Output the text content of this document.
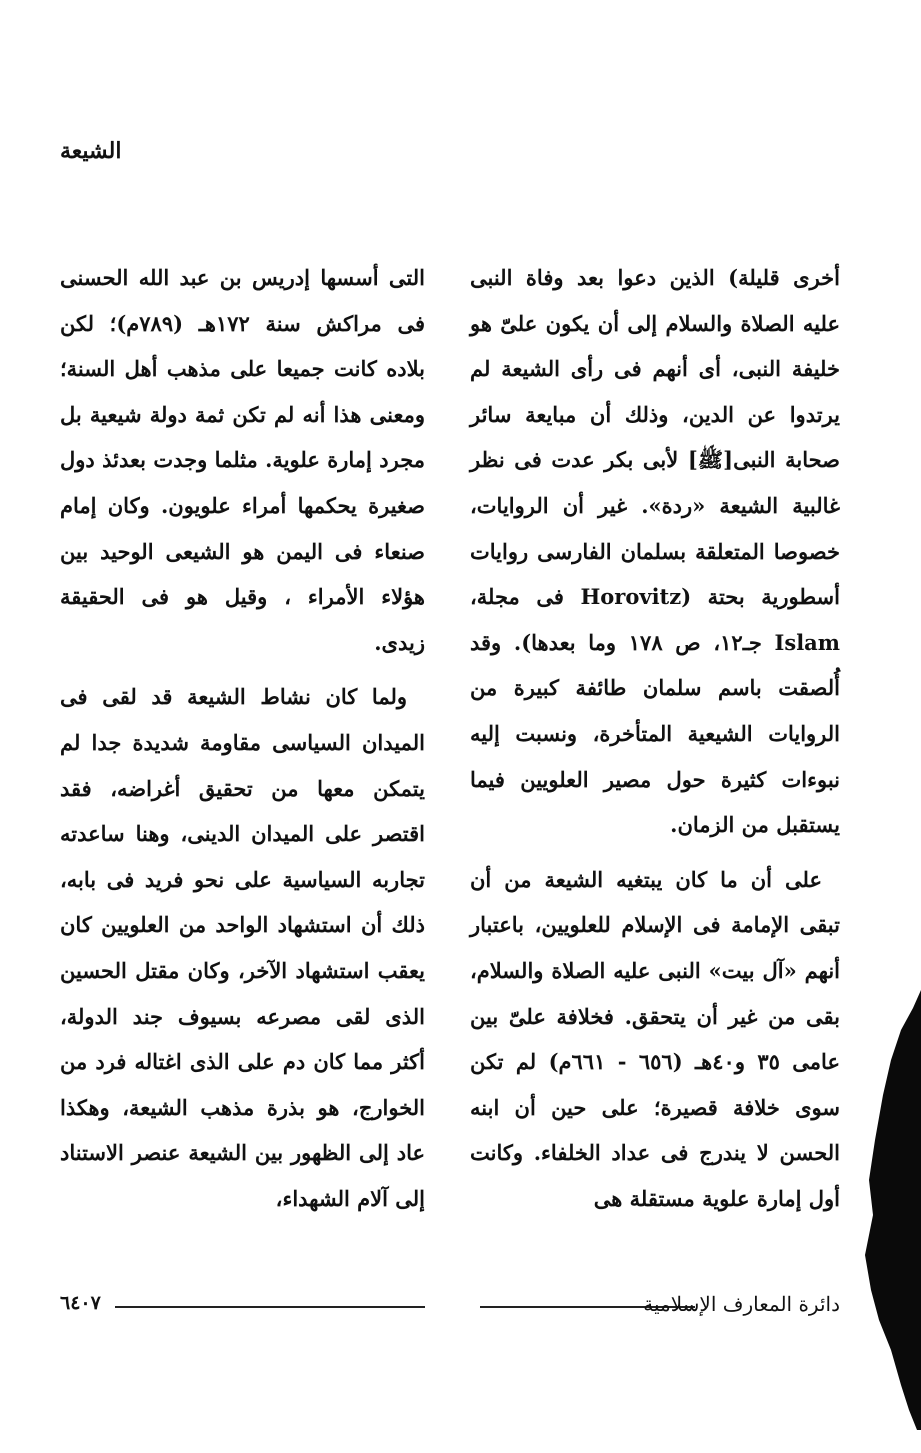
الشيعة

أخرى قليلة) الذين دعوا بعد وفاة النبى عليه الصلاة والسلام إلى أن يكون علىّ هو خليفة النبى، أى أنهم فى رأى الشيعة لم يرتدوا عن الدين، وذلك أن مبايعة سائر صحابة النبى[ﷺ] لأبى بكر عدت فى نظر غالبية الشيعة «ردة». غير أن الروايات، خصوصا المتعلقة بسلمان الفارسى روايات أسطورية بحتة (Horovitz فى مجلة، Islam جـ١٢، ص ١٧٨ وما بعدها). وقد أُلصقت باسم سلمان طائفة كبيرة من الروايات الشيعية المتأخرة، ونسبت إليه نبوءات كثيرة حول مصير العلويين فيما يستقبل من الزمان.

على أن ما كان يبتغيه الشيعة من أن تبقى الإمامة فى الإسلام للعلويين، باعتبار أنهم «آل بيت» النبى عليه الصلاة والسلام، بقى من غير أن يتحقق. فخلافة علىّ بين عامى ٣٥ و٤٠هـ (٦٥٦ - ٦٦١م) لم تكن سوى خلافة قصيرة؛ على حين أن ابنه الحسن لا يندرج فى عداد الخلفاء. وكانت أول إمارة علوية مستقلة هى

التى أسسها إدريس بن عبد الله الحسنى فى مراكش سنة ١٧٢هـ (٧٨٩م)؛ لكن بلاده كانت جميعا على مذهب أهل السنة؛ ومعنى هذا أنه لم تكن ثمة دولة شيعية بل مجرد إمارة علوية. مثلما وجدت بعدئذ دول صغيرة يحكمها أمراء علويون. وكان إمام صنعاء فى اليمن هو الشيعى الوحيد بين هؤلاء الأمراء ، وقيل هو فى الحقيقة زيدى.

ولما كان نشاط الشيعة قد لقى فى الميدان السياسى مقاومة شديدة جدا لم يتمكن معها من تحقيق أغراضه، فقد اقتصر على الميدان الدينى، وهنا ساعدته تجاربه السياسية على نحو فريد فى بابه، ذلك أن استشهاد الواحد من العلويين كان يعقب استشهاد الآخر، وكان مقتل الحسين الذى لقى مصرعه بسيوف جند الدولة، أكثر مما كان دم على الذى اغتاله فرد من الخوارج، هو بذرة مذهب الشيعة، وهكذا عاد إلى الظهور بين الشيعة عنصر الاستناد إلى آلام الشهداء،

٦٤٠٧	دائرة المعارف الإسلامية
